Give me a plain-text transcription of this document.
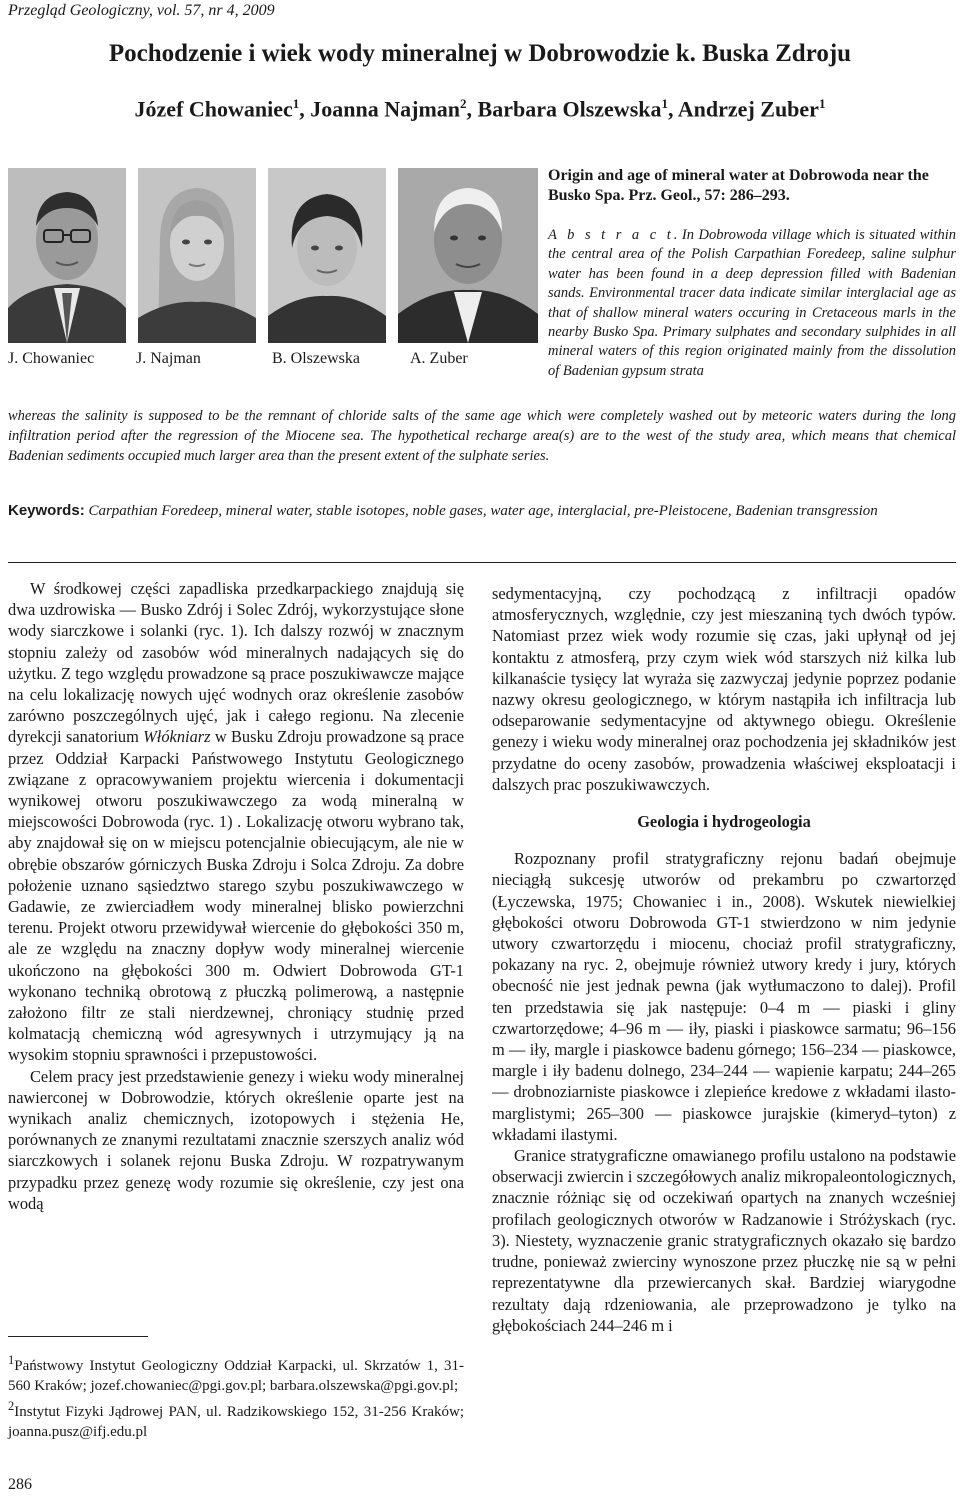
Przegląd Geologiczny, vol. 57, nr 4, 2009
Pochodzenie i wiek wody mineralnej w Dobrowodzie k. Buska Zdroju
Józef Chowaniec$^1$, Joanna Najman$^2$, Barbara Olszewska$^1$, Andrzej Zuber$^1$
J. Chowaniec	J. Najman	B. Olszewska	A. Zuber
Origin and age of mineral water at Dobrowoda near the Busko Spa. Prz. Geol., 57: 286–293.
A b s t r a c t. In Dobrowoda village which is situated within the central area of the Polish Carpathian Foredeep, saline sulphur water has been found in a deep depression filled with Badenian sands. Environmental tracer data indicate similar interglacial age as that of shallow mineral waters occuring in Cretaceous marls in the nearby Busko Spa. Primary sulphates and secondary sulphides in all mineral waters of this region originated mainly from the dissolution of Badenian gypsum strata
whereas the salinity is supposed to be the remnant of chloride salts of the same age which were completely washed out by meteoric waters during the long infiltration period after the regression of the Miocene sea. The hypothetical recharge area(s) are to the west of the study area, which means that chemical Badenian sediments occupied much larger area than the present extent of the sulphate series.
Keywords: Carpathian Foredeep, mineral water, stable isotopes, noble gases, water age, interglacial, pre-Pleistocene, Badenian transgression

W środkowej części zapadliska przedkarpackiego znajdują się dwa uzdrowiska — Busko Zdrój i Solec Zdrój, wykorzystujące słone wody siarczkowe i solanki (ryc. 1). Ich dalszy rozwój w znacznym stopniu zależy od zasobów wód mineralnych nadających się do użytku. Z tego względu prowadzone są prace poszukiwawcze mające na celu lokalizację nowych ujęć wodnych oraz określenie zasobów zarówno poszczególnych ujęć, jak i całego regionu. Na zlecenie dyrekcji sanatorium Włókniarz w Busku Zdroju prowadzone są prace przez Oddział Karpacki Państwowego Instytutu Geologicznego związane z opracowywaniem projektu wiercenia i dokumentacji wynikowej otworu poszukiwawczego za wodą mineralną w miejscowości Dobrowoda (ryc. 1) . Lokalizację otworu wybrano tak, aby znajdował się on w miejscu potencjalnie obiecującym, ale nie w obrębie obszarów górniczych Buska Zdroju i Solca Zdroju. Za dobre położenie uznano sąsiedztwo starego szybu poszukiwawczego w Gadawie, ze zwierciadłem wody mineralnej blisko powierzchni terenu. Projekt otworu przewidywał wiercenie do głębokości 350 m, ale ze względu na znaczny dopływ wody mineralnej wiercenie ukończono na głębokości 300 m. Odwiert Dobrowoda GT-1 wykonano techniką obrotową z płuczką polimerową, a następnie założono filtr ze stali nierdzewnej, chroniący studnię przed kolmatacją chemiczną wód agresywnych i utrzymujący ją na wysokim stopniu sprawności i przepustowości.

Celem pracy jest przedstawienie genezy i wieku wody mineralnej nawierconej w Dobrowodzie, których określenie oparte jest na wynikach analiz chemicznych, izotopowych i stężenia He, porównanych ze znanymi rezultatami znacznie szerszych analiz wód siarczkowych i solanek rejonu Buska Zdroju. W rozpatrywanym przypadku przez genezę wody rozumie się określenie, czy jest ona wodą

sedymentacyjną, czy pochodzącą z infiltracji opadów atmosferycznych, względnie, czy jest mieszaniną tych dwóch typów. Natomiast przez wiek wody rozumie się czas, jaki upłynął od jej kontaktu z atmosferą, przy czym wiek wód starszych niż kilka lub kilkanaście tysięcy lat wyraża się zazwyczaj jedynie poprzez podanie nazwy okresu geologicznego, w którym nastąpiła ich infiltracja lub odseparowanie sedymentacyjne od aktywnego obiegu. Określenie genezy i wieku wody mineralnej oraz pochodzenia jej składników jest przydatne do oceny zasobów, prowadzenia właściwej eksploatacji i dalszych prac poszukiwawczych.

Geologia i hydrogeologia

Rozpoznany profil stratygraficzny rejonu badań obejmuje nieciągłą sukcesję utworów od prekambru po czwartorzęd (Łyczewska, 1975; Chowaniec i in., 2008). Wskutek niewielkiej głębokości otworu Dobrowoda GT-1 stwierdzono w nim jedynie utwory czwartorzędu i miocenu, chociaż profil stratygraficzny, pokazany na ryc. 2, obejmuje również utwory kredy i jury, których obecność nie jest jednak pewna (jak wytłumaczono to dalej). Profil ten przedstawia się jak następuje: 0–4 m — piaski i gliny czwartorzędowe; 4–96 m — iły, piaski i piaskowce sarmatu; 96–156 m — iły, margle i piaskowce badenu górnego; 156–234 — piaskowce, margle i iły badenu dolnego, 234–244 — wapienie karpatu; 244–265 — drobnoziarniste piaskowce i zlepieńce kredowe z wkładami ilasto-marglistymi; 265–300 — piaskowce jurajskie (kimeryd–tyton) z wkładami ilastymi.

Granice stratygraficzne omawianego profilu ustalono na podstawie obserwacji zwiercin i szczegółowych analiz mikropaleontologicznych, znacznie różniąc się od oczekiwań opartych na znanych wcześniej profilach geologicznych otworów w Radzanowie i Stróżyskach (ryc. 3). Niestety, wyznaczenie granic stratygraficznych okazało się bardzo trudne, ponieważ zwierciny wynoszone przez płuczkę nie są w pełni reprezentatywne dla przewiercanych skał. Bardziej wiarygodne rezultaty dają rdzeniowania, ale przeprowadzono je tylko na głębokościach 244–246 m i

$^1$Państwowy Instytut Geologiczny Oddział Karpacki, ul. Skrzatów 1, 31-560 Kraków; jozef.chowaniec@pgi.gov.pl; barbara.olszewska@pgi.gov.pl;

$^2$Instytut Fizyki Jądrowej PAN, ul. Radzikowskiego 152, 31-256 Kraków; joanna.pusz@ifj.edu.pl

286
